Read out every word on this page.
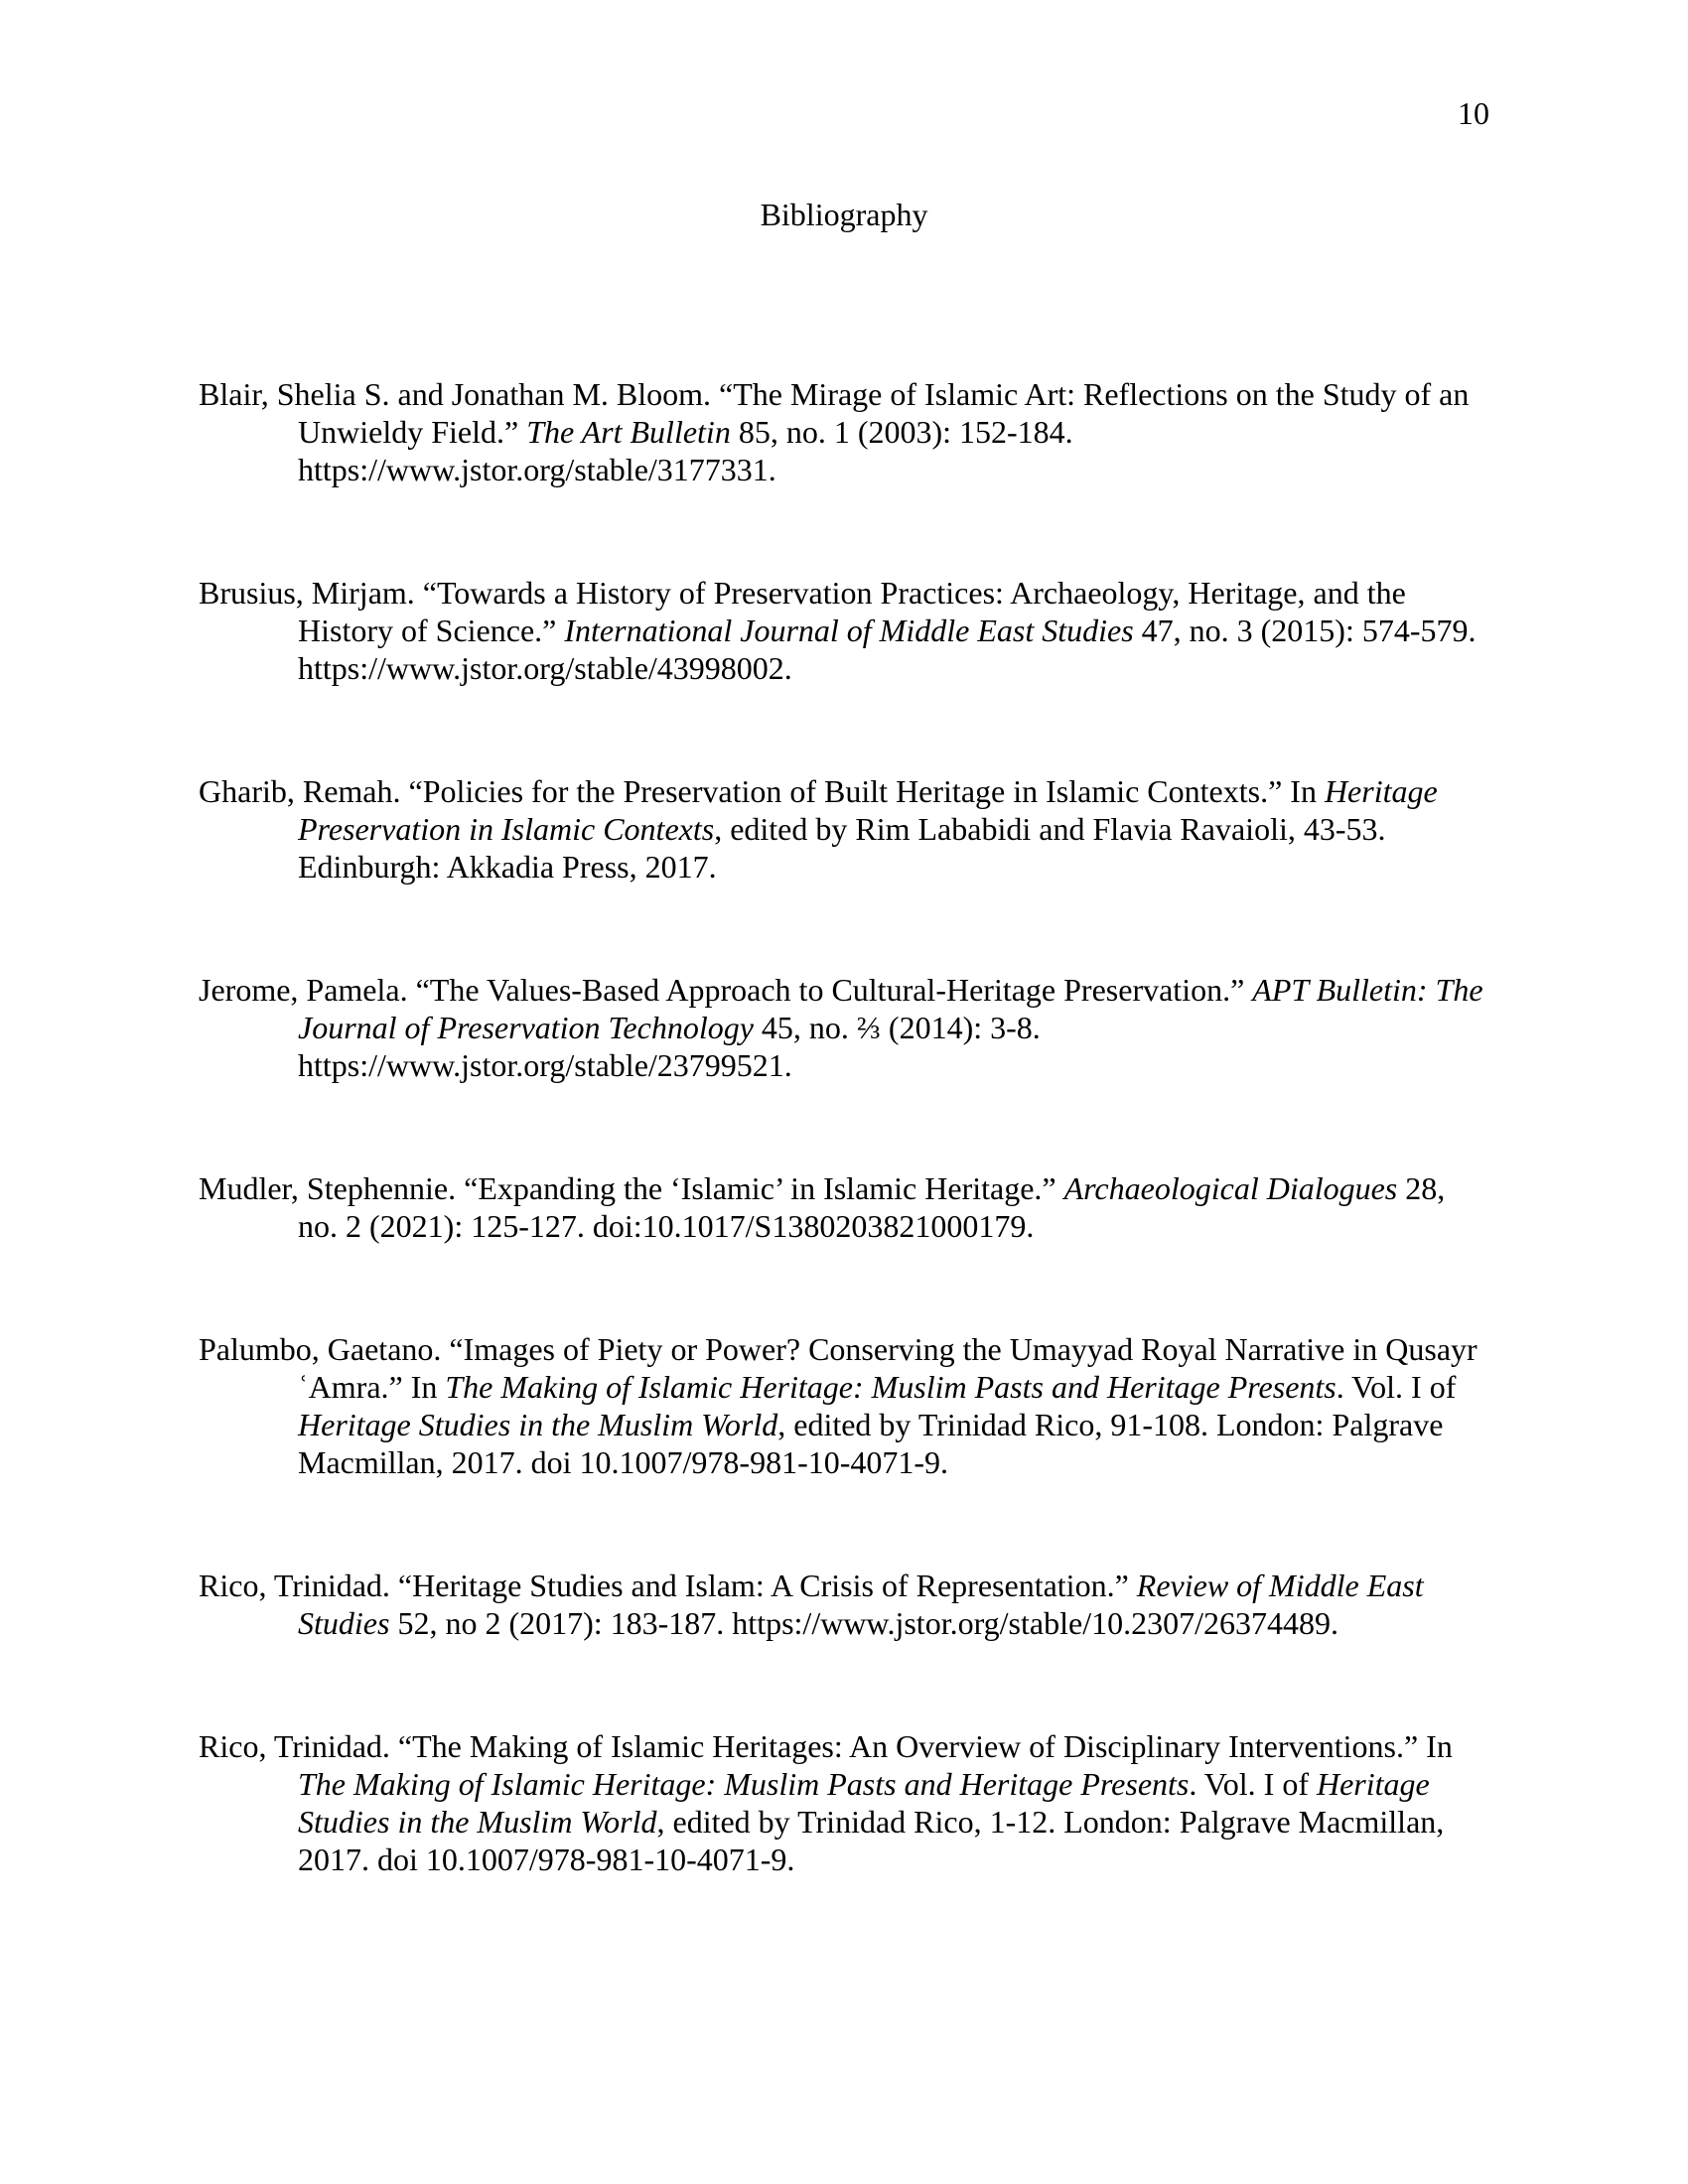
10
Bibliography
Blair, Shelia S. and Jonathan M. Bloom. “The Mirage of Islamic Art: Reflections on the Study of an Unwieldy Field.” The Art Bulletin 85, no. 1 (2003): 152-184. https://www.jstor.org/stable/3177331.
Brusius, Mirjam. “Towards a History of Preservation Practices: Archaeology, Heritage, and the History of Science.” International Journal of Middle East Studies 47, no. 3 (2015): 574-579. https://www.jstor.org/stable/43998002.
Gharib, Remah. “Policies for the Preservation of Built Heritage in Islamic Contexts.” In Heritage Preservation in Islamic Contexts, edited by Rim Lababidi and Flavia Ravaioli, 43-53. Edinburgh: Akkadia Press, 2017.
Jerome, Pamela. “The Values-Based Approach to Cultural-Heritage Preservation.” APT Bulletin: The Journal of Preservation Technology 45, no. ⅔ (2014): 3-8. https://www.jstor.org/stable/23799521.
Mudler, Stephennie. “Expanding the ‘Islamic’ in Islamic Heritage.” Archaeological Dialogues 28, no. 2 (2021): 125-127. doi:10.1017/S1380203821000179.
Palumbo, Gaetano. “Images of Piety or Power? Conserving the Umayyad Royal Narrative in Qusayr ʿAmra.” In The Making of Islamic Heritage: Muslim Pasts and Heritage Presents. Vol. I of Heritage Studies in the Muslim World, edited by Trinidad Rico, 91-108. London: Palgrave Macmillan, 2017. doi 10.1007/978-981-10-4071-9.
Rico, Trinidad. “Heritage Studies and Islam: A Crisis of Representation.” Review of Middle East Studies 52, no 2 (2017): 183-187. https://www.jstor.org/stable/10.2307/26374489.
Rico, Trinidad. “The Making of Islamic Heritages: An Overview of Disciplinary Interventions.” In The Making of Islamic Heritage: Muslim Pasts and Heritage Presents. Vol. I of Heritage Studies in the Muslim World, edited by Trinidad Rico, 1-12. London: Palgrave Macmillan, 2017. doi 10.1007/978-981-10-4071-9.
